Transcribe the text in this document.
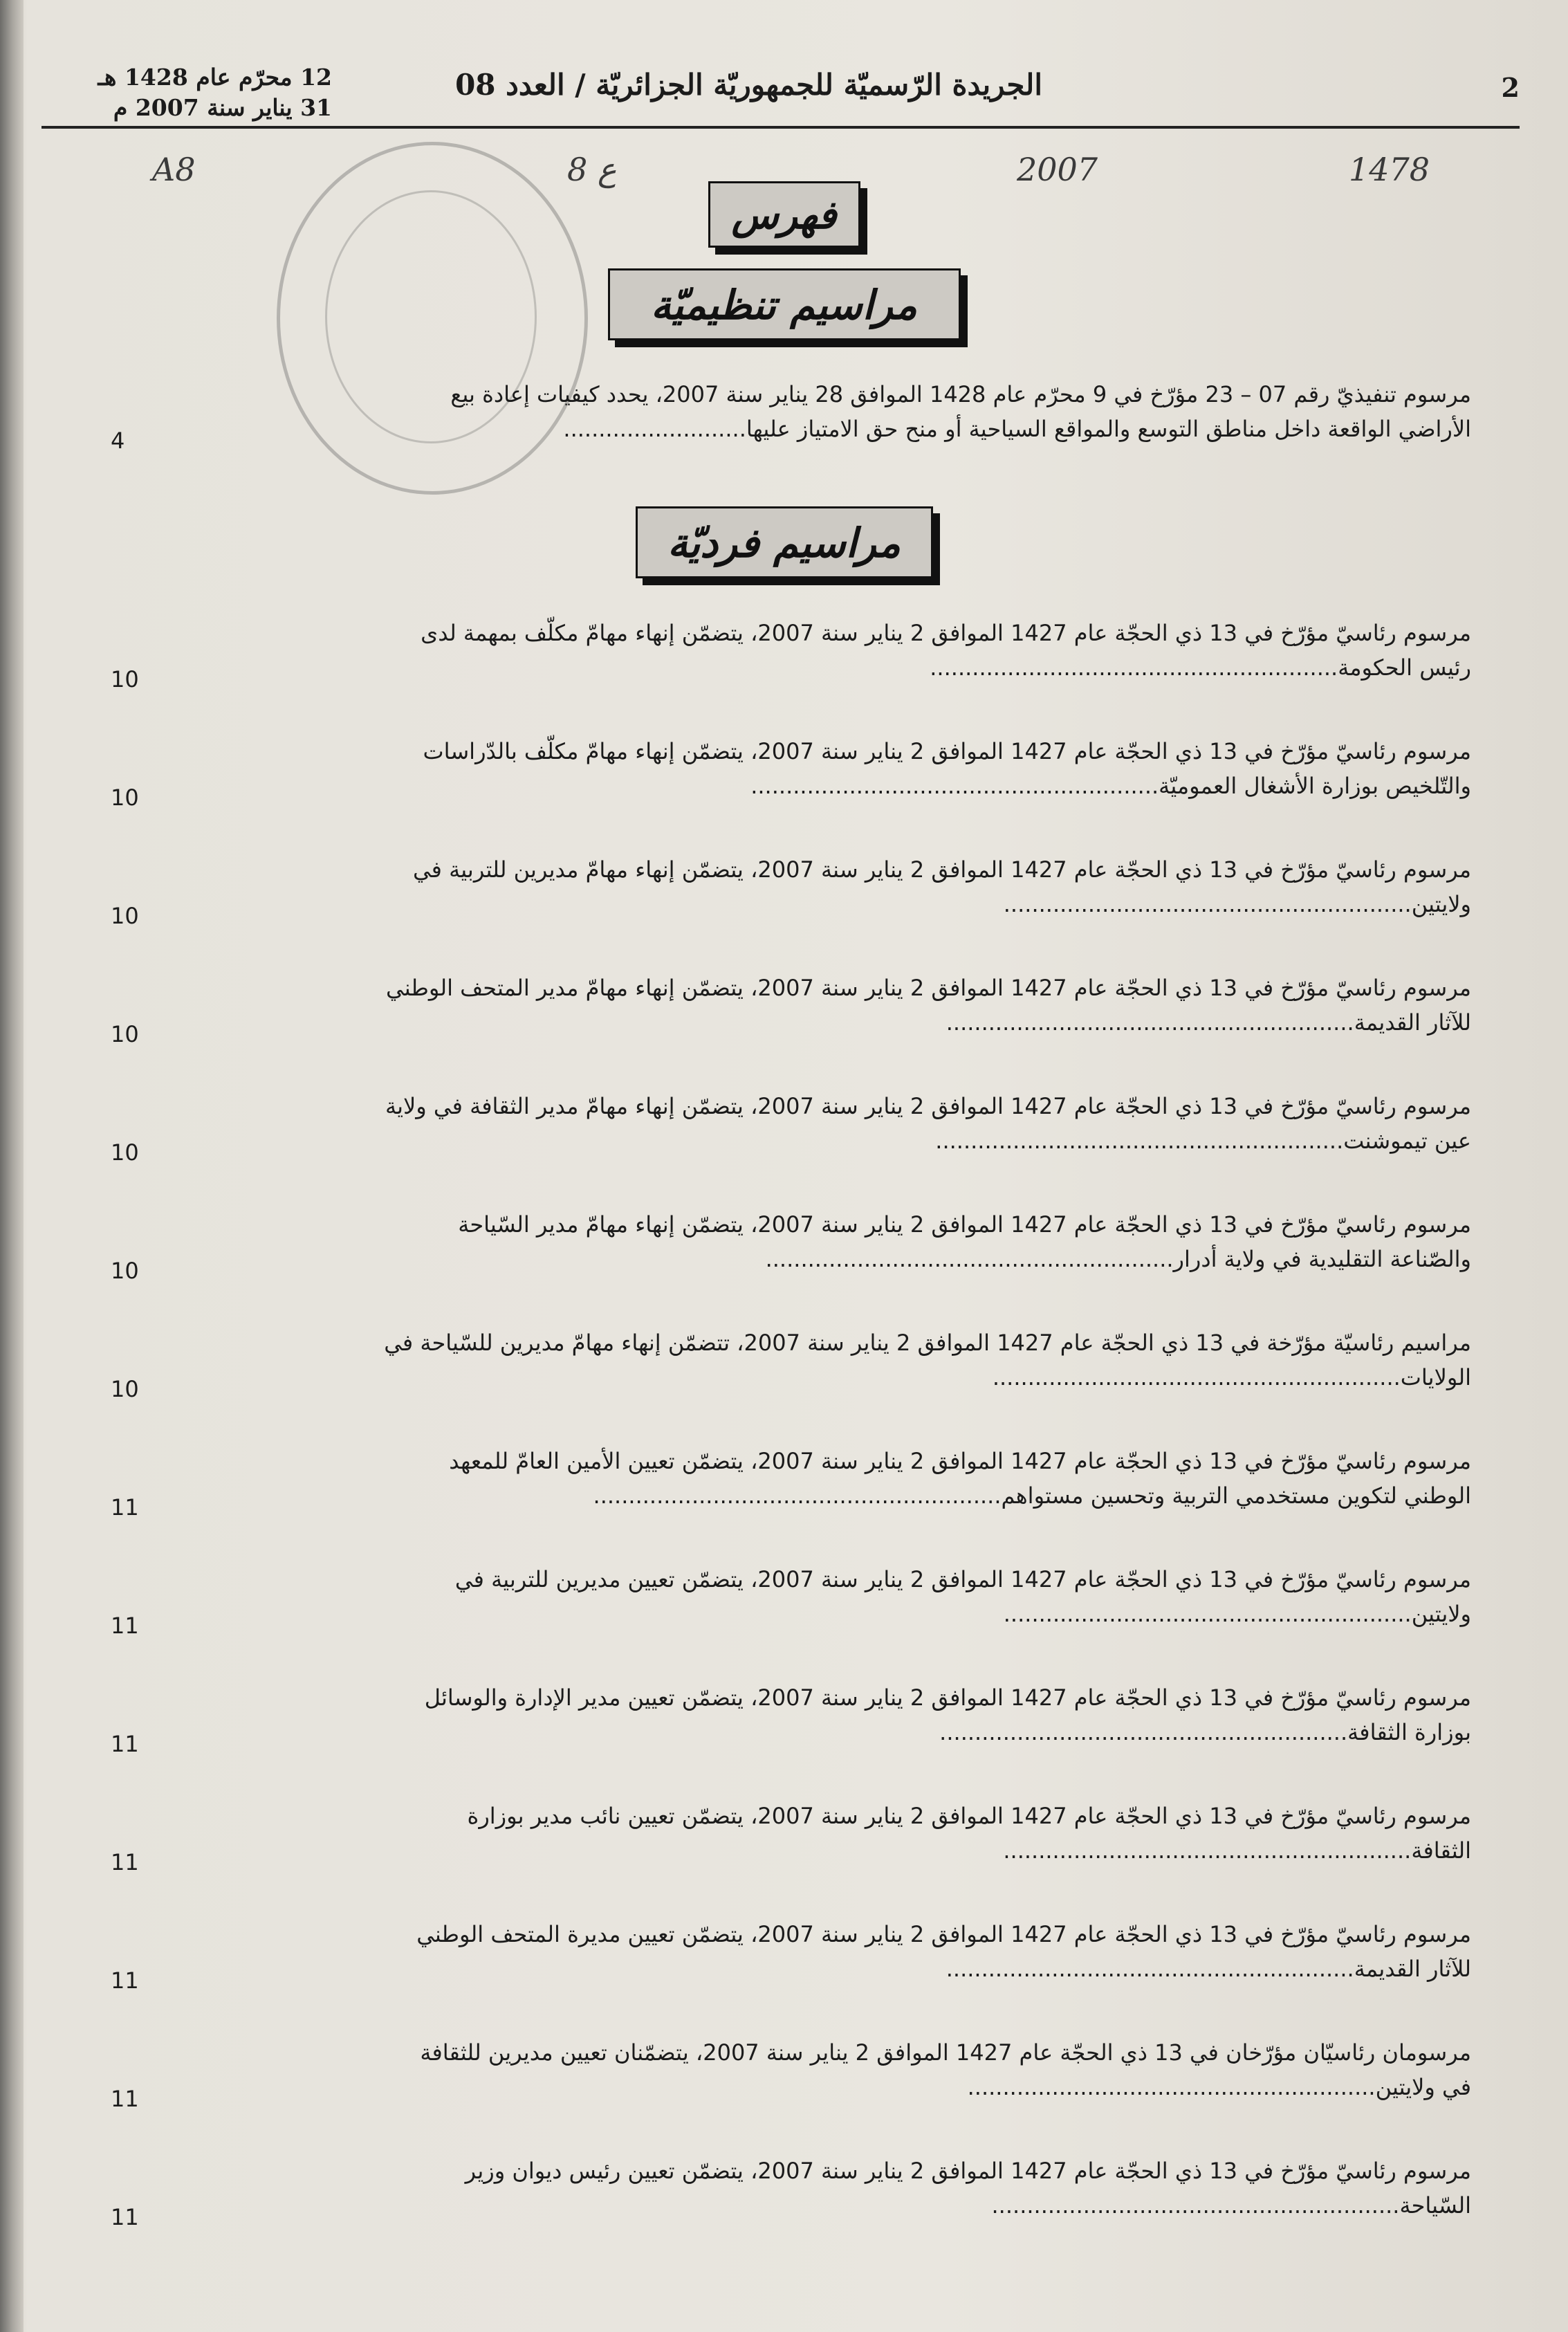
2
الجريدة الرّسميّة للجمهوريّة الجزائريّة / العدد 08
12 محرّم عام 1428 هـ
31 يناير سنة 2007 م
A8	8 ع	2007	1478
فهرس
مراسيم تنظيميّة
مرسوم تنفيذيّ رقم 07 – 23 مؤرّخ في 9 محرّم عام 1428 الموافق 28 يناير سنة 2007، يحدد كيفيات إعادة بيع
الأراضي الواقعة داخل مناطق التوسع والمواقع السياحية أو منح حق الامتياز عليها..........................
4
مراسيم فرديّة
مرسوم رئاسيّ مؤرّخ في 13 ذي الحجّة عام 1427 الموافق 2 يناير سنة 2007، يتضمّن إنهاء مهامّ مكلّف بمهمة لدى
رئيس الحكومة..........................................................
10
مرسوم رئاسيّ مؤرّخ في 13 ذي الحجّة عام 1427 الموافق 2 يناير سنة 2007، يتضمّن إنهاء مهامّ مكلّف بالدّراسات
والتّلخيص بوزارة الأشغال العموميّة..........................................................
10
مرسوم رئاسيّ مؤرّخ في 13 ذي الحجّة عام 1427 الموافق 2 يناير سنة 2007، يتضمّن إنهاء مهامّ مديرين للتربية في
ولايتين..........................................................
10
مرسوم رئاسيّ مؤرّخ في 13 ذي الحجّة عام 1427 الموافق 2 يناير سنة 2007، يتضمّن إنهاء مهامّ مدير المتحف الوطني
للآثار القديمة..........................................................
10
مرسوم رئاسيّ مؤرّخ في 13 ذي الحجّة عام 1427 الموافق 2 يناير سنة 2007، يتضمّن إنهاء مهامّ مدير الثقافة في ولاية
عين تيموشنت..........................................................
10
مرسوم رئاسيّ مؤرّخ في 13 ذي الحجّة عام 1427 الموافق 2 يناير سنة 2007، يتضمّن إنهاء مهامّ مدير السّياحة
والصّناعة التقليدية في ولاية أدرار..........................................................
10
مراسيم رئاسيّة مؤرّخة في 13 ذي الحجّة عام 1427 الموافق 2 يناير سنة 2007، تتضمّن إنهاء مهامّ مديرين للسّياحة في
الولايات..........................................................
10
مرسوم رئاسيّ مؤرّخ في 13 ذي الحجّة عام 1427 الموافق 2 يناير سنة 2007، يتضمّن تعيين الأمين العامّ للمعهد
الوطني لتكوين مستخدمي التربية وتحسين مستواهم..........................................................
11
مرسوم رئاسيّ مؤرّخ في 13 ذي الحجّة عام 1427 الموافق 2 يناير سنة 2007، يتضمّن تعيين مديرين للتربية في
ولايتين..........................................................
11
مرسوم رئاسيّ مؤرّخ في 13 ذي الحجّة عام 1427 الموافق 2 يناير سنة 2007، يتضمّن تعيين مدير الإدارة والوسائل
بوزارة الثقافة..........................................................
11
مرسوم رئاسيّ مؤرّخ في 13 ذي الحجّة عام 1427 الموافق 2 يناير سنة 2007، يتضمّن تعيين نائب مدير بوزارة
الثقافة..........................................................
11
مرسوم رئاسيّ مؤرّخ في 13 ذي الحجّة عام 1427 الموافق 2 يناير سنة 2007، يتضمّن تعيين مديرة المتحف الوطني
للآثار القديمة..........................................................
11
مرسومان رئاسيّان مؤرّخان في 13 ذي الحجّة عام 1427 الموافق 2 يناير سنة 2007، يتضمّنان تعيين مديرين للثقافة
في ولايتين..........................................................
11
مرسوم رئاسيّ مؤرّخ في 13 ذي الحجّة عام 1427 الموافق 2 يناير سنة 2007، يتضمّن تعيين رئيس ديوان وزير
السّياحة..........................................................
11
